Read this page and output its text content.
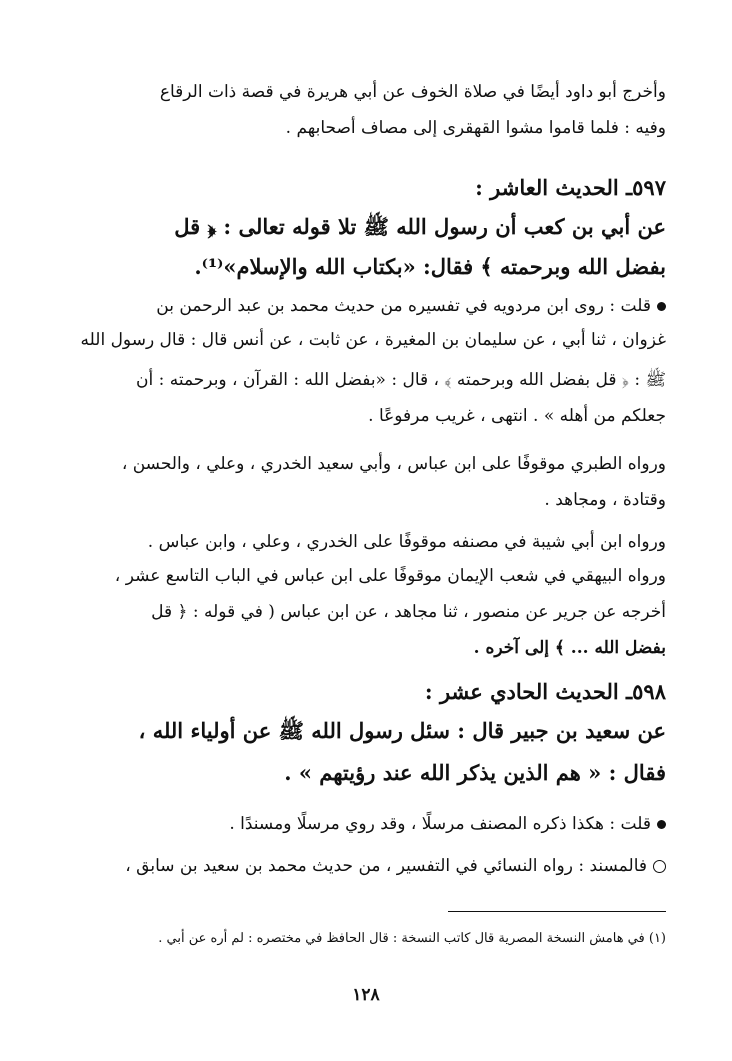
وأخرج أبو داود أيضًا في صلاة الخوف عن أبي هريرة في قصة ذات الرقاع
وفيه : فلما قاموا مشوا القهقرى إلى مصاف أصحابهم .
٥٩٧ـ الحديث العاشر :
عن أبي بن كعب أن رسول الله ﷺ تلا قوله تعالى : ﴿ قل
بفضل الله وبرحمته ﴾ فقال: «بكتاب الله والإسلام»⁽¹⁾.
قلت : روى ابن مردويه في تفسيره من حديث محمد بن عبد الرحمن بن
غزوان ، ثنا أبي ، عن سليمان بن المغيرة ، عن ثابت ، عن أنس قال : قال رسول الله
ﷺ : ﴿ قل بفضل الله وبرحمته ﴾ ، قال : «بفضل الله : القرآن ، وبرحمته : أن
جعلكم من أهله » . انتهى ، غريب مرفوعًا .
ورواه الطبري موقوفًا على ابن عباس ، وأبي سعيد الخدري ، وعلي ، والحسن ،
وقتادة ، ومجاهد .
ورواه ابن أبي شيبة في مصنفه موقوفًا على الخدري ، وعلي ، وابن عباس .
ورواه البيهقي في شعب الإيمان موقوفًا على ابن عباس في الباب التاسع عشر ،
أخرجه عن جرير عن منصور ، ثنا مجاهد ، عن ابن عباس ( في قوله : ﴿ قل
بفضل الله ... ﴾ إلى آخره .
٥٩٨ـ الحديث الحادي عشر :
عن سعيد بن جبير قال : سئل رسول الله ﷺ عن أولياء الله ،
فقال : « هم الذين يذكر الله عند رؤيتهم » .
قلت : هكذا ذكره المصنف مرسلًا ، وقد روي مرسلًا ومسندًا .
فالمسند : رواه النسائي في التفسير ، من حديث محمد بن سعيد بن سابق ،
(١) في هامش النسخة المصرية قال كاتب النسخة : قال الحافظ في مختصره : لم أره عن أبي .
١٢٨
